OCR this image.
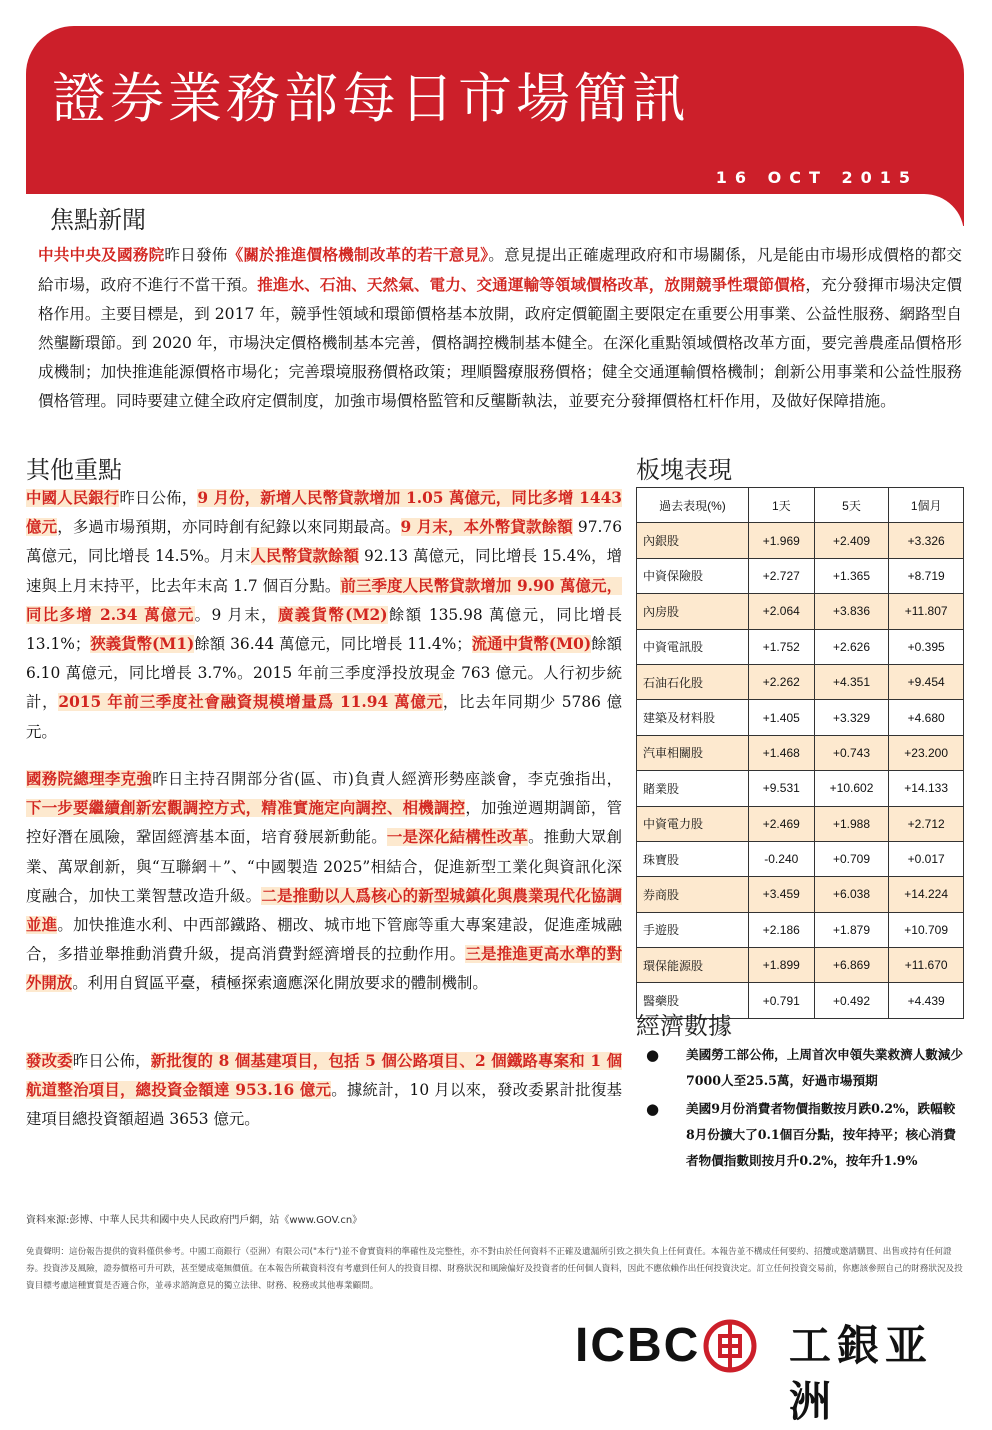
證券業務部每日市場簡訊
16 OCT 2015
焦點新聞
中共中央及國務院昨日發佈《關於推進價格機制改革的若干意見》。意見提出正確處理政府和市場關係，凡是能由市場形成價格的都交給市場，政府不進行不當干預。推進水、石油、天然氣、電力、交通運輸等領域價格改革，放開競爭性環節價格，充分發揮市場決定價格作用。主要目標是，到 2017 年，競爭性領域和環節價格基本放開，政府定價範圍主要限定在重要公用事業、公益性服務、網路型自然壟斷環節。到 2020 年，市場決定價格機制基本完善，價格調控機制基本健全。在深化重點領域價格改革方面，要完善農產品價格形成機制；加快推進能源價格市場化；完善環境服務價格政策；理順醫療服務價格；健全交通運輸價格機制；創新公用事業和公益性服務價格管理。同時要建立健全政府定價制度，加強市場價格監管和反壟斷執法，並要充分發揮價格杠杆作用，及做好保障措施。
其他重點
中國人民銀行昨日公佈，9 月份，新增人民幣貸款增加 1.05 萬億元，同比多增 1443 億元，多過市場預期，亦同時創有紀錄以來同期最高。9 月末，本外幣貸款餘額 97.76 萬億元，同比增長 14.5%。月末人民幣貸款餘額 92.13 萬億元，同比增長 15.4%，增速與上月末持平，比去年末高 1.7 個百分點。前三季度人民幣貸款增加 9.90 萬億元，同比多增 2.34 萬億元。9 月末，廣義貨幣(M2)餘額 135.98 萬億元，同比增長 13.1%；狹義貨幣(M1)餘額 36.44 萬億元，同比增長 11.4%；流通中貨幣(M0)餘額 6.10 萬億元，同比增長 3.7%。2015 年前三季度淨投放現金 763 億元。人行初步統計，2015 年前三季度社會融資規模增量爲 11.94 萬億元，比去年同期少 5786 億元。
國務院總理李克強昨日主持召開部分省(區、市)負責人經濟形勢座談會，李克強指出，下一步要繼續創新宏觀調控方式，精准實施定向調控、相機調控，加強逆週期調節，管控好潛在風險，鞏固經濟基本面，培育發展新動能。一是深化結構性改革。推動大眾創業、萬眾創新，與“互聯網＋”、“中國製造 2025”相結合，促進新型工業化與資訊化深度融合，加快工業智慧改造升級。二是推動以人爲核心的新型城鎮化與農業現代化協調並進。加快推進水利、中西部鐵路、棚改、城市地下管廊等重大專案建設，促進產城融合，多措並舉推動消費升級，提高消費對經濟增長的拉動作用。三是推進更高水準的對外開放。利用自貿區平臺，積極探索適應深化開放要求的體制機制。
發改委昨日公佈，新批復的 8 個基建項目，包括 5 個公路項目、2 個鐵路專案和 1 個航道整治項目，總投資金額達 953.16 億元。據統計，10 月以來，發改委累計批復基建項目總投資額超過 3653 億元。
板塊表現
過去表現(%)	1天	5天	1個月
內銀股	+1.969	+2.409	+3.326
中資保險股	+2.727	+1.365	+8.719
內房股	+2.064	+3.836	+11.807
中資電訊股	+1.752	+2.626	+0.395
石油石化股	+2.262	+4.351	+9.454
建築及材料股	+1.405	+3.329	+4.680
汽車相關股	+1.468	+0.743	+23.200
賭業股	+9.531	+10.602	+14.133
中資電力股	+2.469	+1.988	+2.712
珠寶股	-0.240	+0.709	+0.017
券商股	+3.459	+6.038	+14.224
手遊股	+2.186	+1.879	+10.709
環保能源股	+1.899	+6.869	+11.670
醫藥股	+0.791	+0.492	+4.439
經濟數據
● 美國勞工部公佈，上周首次申領失業救濟人數減少7000人至25.5萬，好過市場預期
● 美國9月份消費者物價指數按月跌0.2%，跌幅較8月份擴大了0.1個百分點，按年持平；核心消費者物價指數則按月升0.2%，按年升1.9%
資料來源:彭博、中華人民共和國中央人民政府門戶網，站《www.GOV.cn》
免責聲明：這份報告提供的資料僅供參考。中國工商銀行（亞洲）有限公司("本行")並不會實資料的準確性及完整性，亦不對由於任何資料不正確及遺漏所引致之損失負上任何責任。本報告並不構成任何要約、招攬或邀請購買、出售或持有任何證券。投資涉及風險，證券價格可升可跌，甚至變成毫無價值。在本報告所載資料沒有考慮到任何人的投資目標、財務狀況和風險偏好及投資者的任何個人資料，因此不應依賴作出任何投資決定。訂立任何投資交易前，你應該參照自己的財務狀況及投資目標考慮這種實質是否適合你，並尋求諮詢意見的獨立法律、財務、稅務或其他專業顧問。
ICBC 工銀亚洲
